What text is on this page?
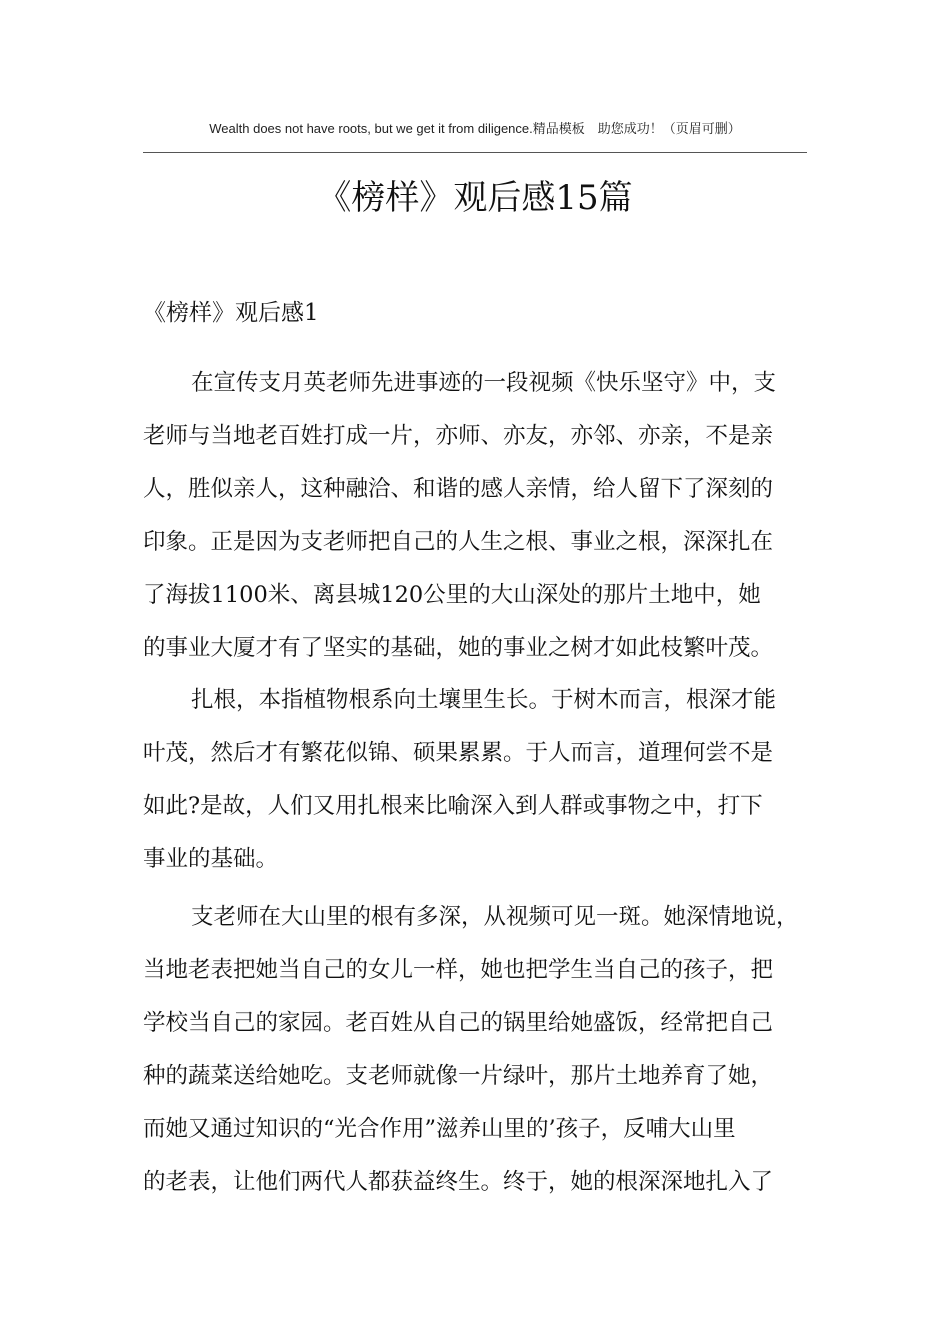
Wealth does not have roots, but we get it from diligence.精品模板　助您成功！（页眉可删）
《榜样》观后感15篇
《榜样》观后感1

在宣传支月英老师先进事迹的一段视频《快乐坚守》中，支
老师与当地老百姓打成一片，亦师、亦友，亦邻、亦亲，不是亲
人，胜似亲人，这种融洽、和谐的感人亲情，给人留下了深刻的
印象。正是因为支老师把自己的人生之根、事业之根，深深扎在
了海拔1100米、离县城120公里的大山深处的那片土地中，她
的事业大厦才有了坚实的基础，她的事业之树才如此枝繁叶茂。

扎根，本指植物根系向土壤里生长。于树木而言，根深才能
叶茂，然后才有繁花似锦、硕果累累。于人而言，道理何尝不是
如此?是故，人们又用扎根来比喻深入到人群或事物之中，打下
事业的基础。

支老师在大山里的根有多深，从视频可见一斑。她深情地说，
当地老表把她当自己的女儿一样，她也把学生当自己的孩子，把
学校当自己的家园。老百姓从自己的锅里给她盛饭，经常把自己
种的蔬菜送给她吃。支老师就像一片绿叶，那片土地养育了她，
而她又通过知识的“光合作用”滋养山里的’孩子，反哺大山里
的老表，让他们两代人都获益终生。终于，她的根深深地扎入了
